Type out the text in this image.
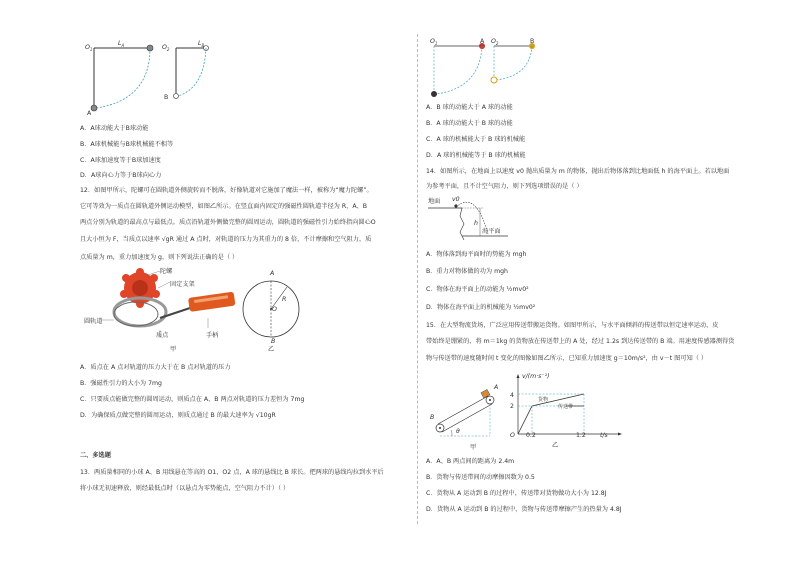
$O_1$
$L_A$	$O_2$
$L_B$
A
B
A．A球动能大于B球动能
B．A球机械能与B球机械能不相等
C．A球加速度等于B球加速度
D．A球向心力等于B球向心力
12．如图甲所示，陀螺可在圆轨道外侧旋转而不脱落，好像轨道对它施加了魔法一样，被称为“魔力陀螺”。
它可等效为一质点在圆轨道外侧运动模型，如图乙所示。在竖直面内固定的强磁性圆轨道半径为 R，A、B
两点分别为轨道的最高点与最低点。质点沿轨道外侧做完整的圆周运动，圆轨道的强磁性引力始终指向圆心O
且大小恒为 F，当质点以速率 √gR 通过 A 点时，对轨道的压力为其重力的 8 倍，不计摩擦和空气阻力，质
点质量为 m，重力加速度为 g，则下列说法正确的是（ ）
陀螺
固定支架
圆轨道
质点	手柄
甲
A
R
O
B
乙
A．质点在 A 点对轨道的压力大于在 B 点对轨道的压力
B．强磁性引力的大小为 7mg
C．只要质点能做完整的圆周运动，则质点在 A、B 两点对轨道的压力差恒为 7mg
D．为确保质点做完整的圆周运动，则质点通过 B 的最大速率为 √10gR
二、多选题
13．两质量相同的小球 A、B 用线悬在等高的 O1、O2 点，A 球的悬线比 B 球长。把两球的悬线均拉到水平后
将小球无初速释放，则经最低点时（以悬点为零势能点，空气阻力不计）（ ）
$O_1$	A $O_2$	B
A．B 球的动能大于 A 球的动能
B．A 球的动能大于 B 球的动能
C．A 球的机械能大于 B 球的机械能
D．A 球的机械能等于 B 球的机械能
14．如图所示，在地面上以速度 v0 抛出质量为 m 的物体，抛出后物体落到比地面低 h 的海平面上。若以地面
为参考平面，且不计空气阻力，则下列选项错误的是（ ）
地面 v0
h
海平面
A．物体落到海平面时的势能为 mgh
B．重力对物体做的功为 mgh
C．物体在海平面上的动能为 ½mv0²
D．物体在海平面上的机械能为 ½mv0²
15．在大型物流货场，广泛应用传送带搬运货物。如图甲所示，与水平面倾斜的传送带以恒定速率运动，皮
带始终是绷紧的，将 m＝1kg 的货物放在传送带上的 A 处，经过 1.2s 到达传送带的 B 端。用速度传感器测得货
物与传送带的速度随时间 t 变化的图像如图乙所示，已知重力加速度 g＝10m/s²，由 v－t 图可知（ ）
A
B
θ
甲
v/(m·s⁻¹)
4
2
O 0.2	1.2 t/s
货物
传送带
乙
A．A、B 两点间的距离为 2.4m
B．货物与传送带间的动摩擦因数为 0.5
C．货物从 A 运动到 B 的过程中，传送带对货物做功大小为 12.8J
D．货物从 A 运动到 B 的过程中，货物与传送带摩擦产生的热量为 4.8J
